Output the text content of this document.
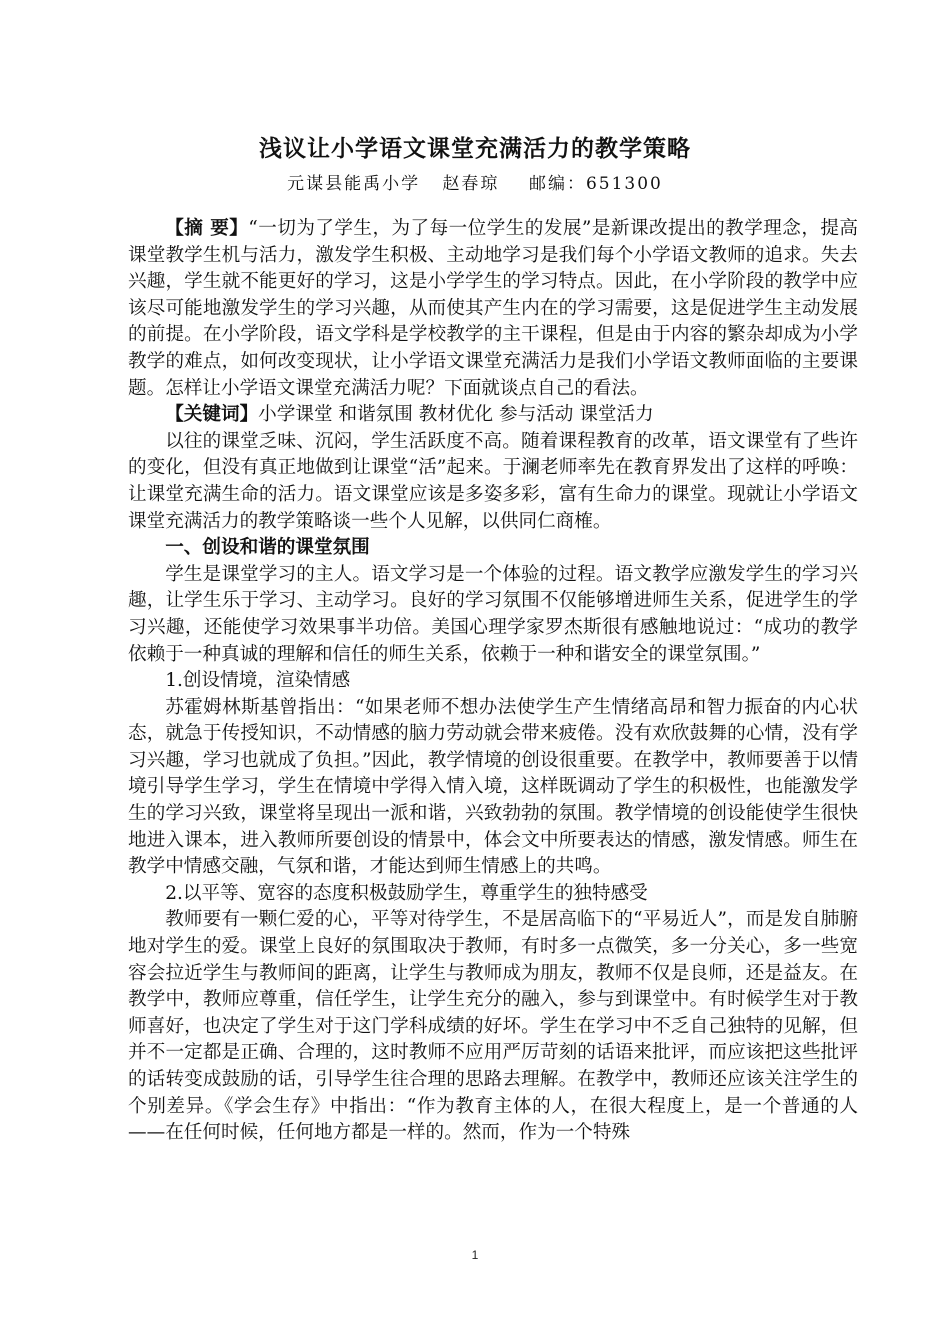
浅议让小学语文课堂充满活力的教学策略
元谋县能禹小学   赵春琼    邮编：651300

【摘 要】“一切为了学生，为了每一位学生的发展”是新课改提出的教学理念，提高课堂教学生机与活力，激发学生积极、主动地学习是我们每个小学语文教师的追求。失去兴趣，学生就不能更好的学习，这是小学学生的学习特点。因此，在小学阶段的教学中应该尽可能地激发学生的学习兴趣，从而使其产生内在的学习需要，这是促进学生主动发展的前提。在小学阶段，语文学科是学校教学的主干课程，但是由于内容的繁杂却成为小学教学的难点，如何改变现状，让小学语文课堂充满活力是我们小学语文教师面临的主要课题。怎样让小学语文课堂充满活力呢？下面就谈点自己的看法。

【关键词】小学课堂 和谐氛围 教材优化 参与活动 课堂活力

以往的课堂乏味、沉闷，学生活跃度不高。随着课程教育的改革，语文课堂有了些许的变化，但没有真正地做到让课堂“活”起来。于澜老师率先在教育界发出了这样的呼唤：让课堂充满生命的活力。语文课堂应该是多姿多彩，富有生命力的课堂。现就让小学语文课堂充满活力的教学策略谈一些个人见解，以供同仁商榷。

一、创设和谐的课堂氛围

学生是课堂学习的主人。语文学习是一个体验的过程。语文教学应激发学生的学习兴趣，让学生乐于学习、主动学习。良好的学习氛围不仅能够增进师生关系，促进学生的学习兴趣，还能使学习效果事半功倍。美国心理学家罗杰斯很有感触地说过：“成功的教学依赖于一种真诚的理解和信任的师生关系，依赖于一种和谐安全的课堂氛围。”

1.创设情境，渲染情感

苏霍姆林斯基曾指出：“如果老师不想办法使学生产生情绪高昂和智力振奋的内心状态，就急于传授知识，不动情感的脑力劳动就会带来疲倦。没有欢欣鼓舞的心情，没有学习兴趣，学习也就成了负担。”因此，教学情境的创设很重要。在教学中，教师要善于以情境引导学生学习，学生在情境中学得入情入境，这样既调动了学生的积极性，也能激发学生的学习兴致，课堂将呈现出一派和谐，兴致勃勃的氛围。教学情境的创设能使学生很快地进入课本，进入教师所要创设的情景中，体会文中所要表达的情感，激发情感。师生在教学中情感交融，气氛和谐，才能达到师生情感上的共鸣。

2.以平等、宽容的态度积极鼓励学生，尊重学生的独特感受

教师要有一颗仁爱的心，平等对待学生，不是居高临下的“平易近人”，而是发自肺腑地对学生的爱。课堂上良好的氛围取决于教师，有时多一点微笑，多一分关心，多一些宽容会拉近学生与教师间的距离，让学生与教师成为朋友，教师不仅是良师，还是益友。在教学中，教师应尊重，信任学生，让学生充分的融入，参与到课堂中。有时候学生对于教师喜好，也决定了学生对于这门学科成绩的好坏。学生在学习中不乏自己独特的见解，但并不一定都是正确、合理的，这时教师不应用严厉苛刻的话语来批评，而应该把这些批评的话转变成鼓励的话，引导学生往合理的思路去理解。在教学中，教师还应该关注学生的个别差异。《学会生存》中指出：“作为教育主体的人，在很大程度上，是一个普通的人——在任何时候，任何地方都是一样的。然而，作为一个特殊

1
